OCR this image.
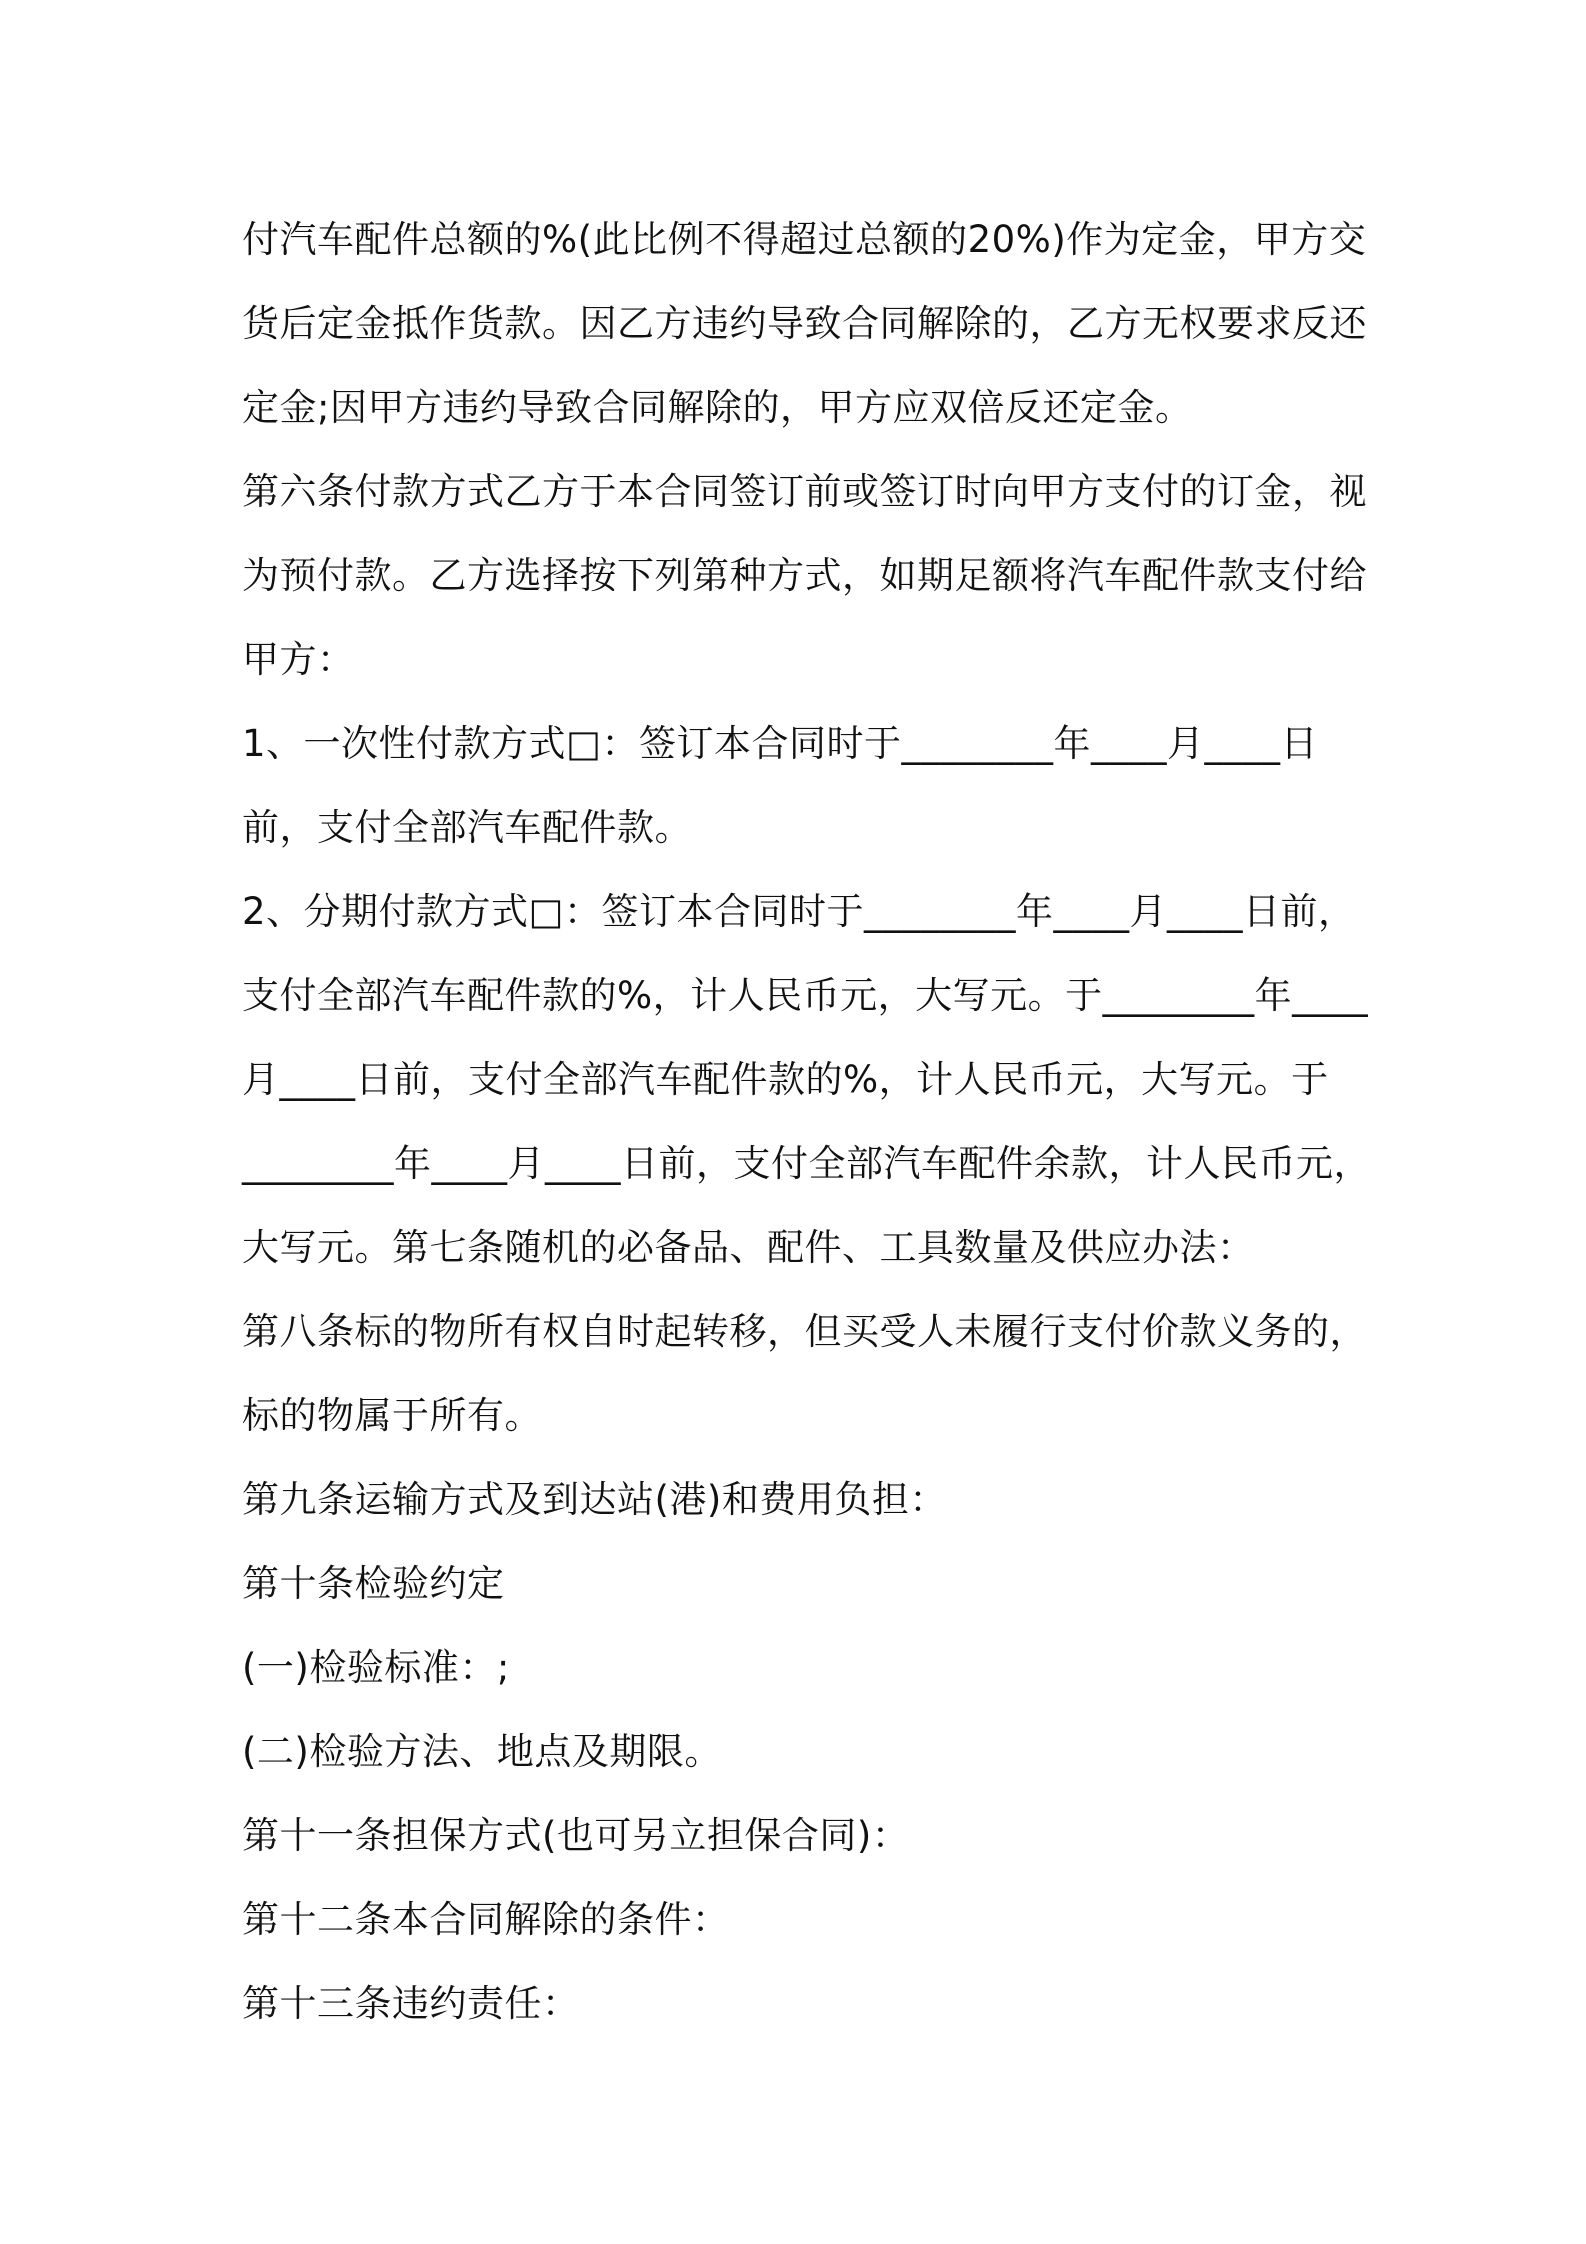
付汽车配件总额的%(此比例不得超过总额的20%)作为定金，甲方交
货后定金抵作货款。因乙方违约导致合同解除的，乙方无权要求反还
定金;因甲方违约导致合同解除的，甲方应双倍反还定金。
第六条付款方式乙方于本合同签订前或签订时向甲方支付的订金，视
为预付款。乙方选择按下列第种方式，如期足额将汽车配件款支付给
甲方：
1、一次性付款方式□：签订本合同时于________年____月____日
前，支付全部汽车配件款。
2、分期付款方式□：签订本合同时于________年____月____日前，
支付全部汽车配件款的%，计人民币元，大写元。于________年____
月____日前，支付全部汽车配件款的%，计人民币元，大写元。于
________年____月____日前，支付全部汽车配件余款，计人民币元，
大写元。第七条随机的必备品、配件、工具数量及供应办法：
第八条标的物所有权自时起转移，但买受人未履行支付价款义务的，
标的物属于所有。
第九条运输方式及到达站(港)和费用负担：
第十条检验约定
(一)检验标准：;
(二)检验方法、地点及期限。
第十一条担保方式(也可另立担保合同)：
第十二条本合同解除的条件：
第十三条违约责任：
